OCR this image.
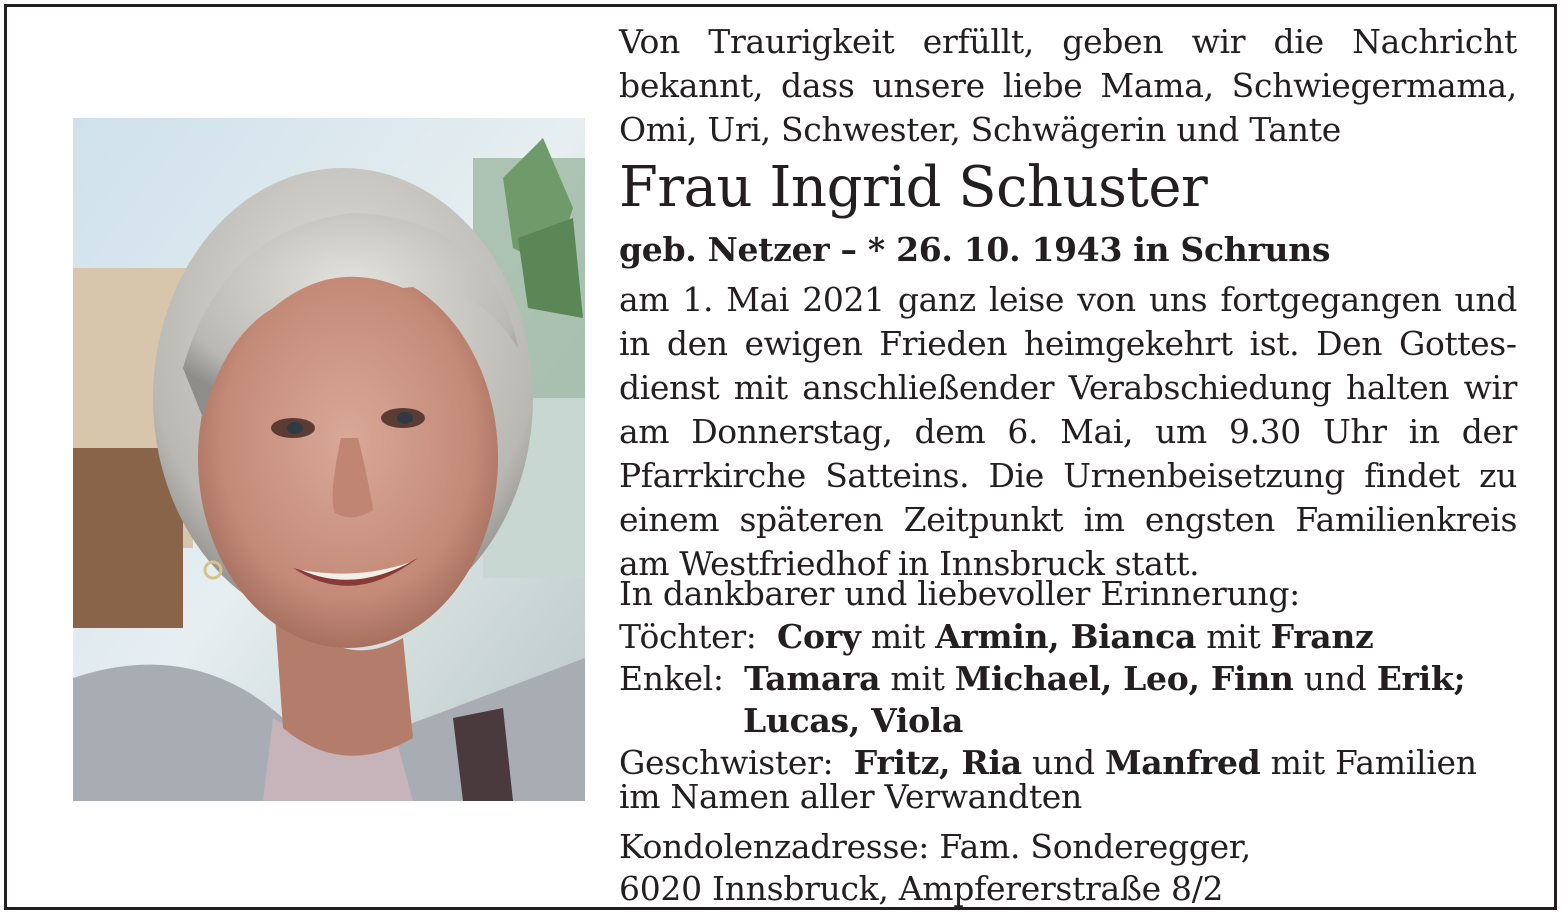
Von Traurigkeit erfüllt, geben wir die Nachricht bekannt, dass unsere liebe Mama, Schwiegermama, Omi, Uri, Schwester, Schwägerin und Tante
Frau Ingrid Schuster
geb. Netzer – * 26. 10. 1943 in Schruns
am 1. Mai 2021 ganz leise von uns fortgegangen und in den ewigen Frieden heimgekehrt ist. Den Gottesdienst mit anschließender Verabschiedung halten wir am Donnerstag, dem 6. Mai, um 9.30 Uhr in der Pfarrkirche Satteins. Die Urnenbeisetzung findet zu einem späteren Zeitpunkt im engsten Familienkreis am Westfriedhof in Innsbruck statt.
In dankbarer und liebevoller Erinnerung:
Töchter: Cory mit Armin, Bianca mit Franz
Enkel: Tamara mit Michael, Leo, Finn und Erik;
Lucas, Viola
Geschwister: Fritz, Ria und Manfred mit Familien
im Namen aller Verwandten
Kondolenzadresse: Fam. Sonderegger,
6020 Innsbruck, Ampfererstraße 8/2
